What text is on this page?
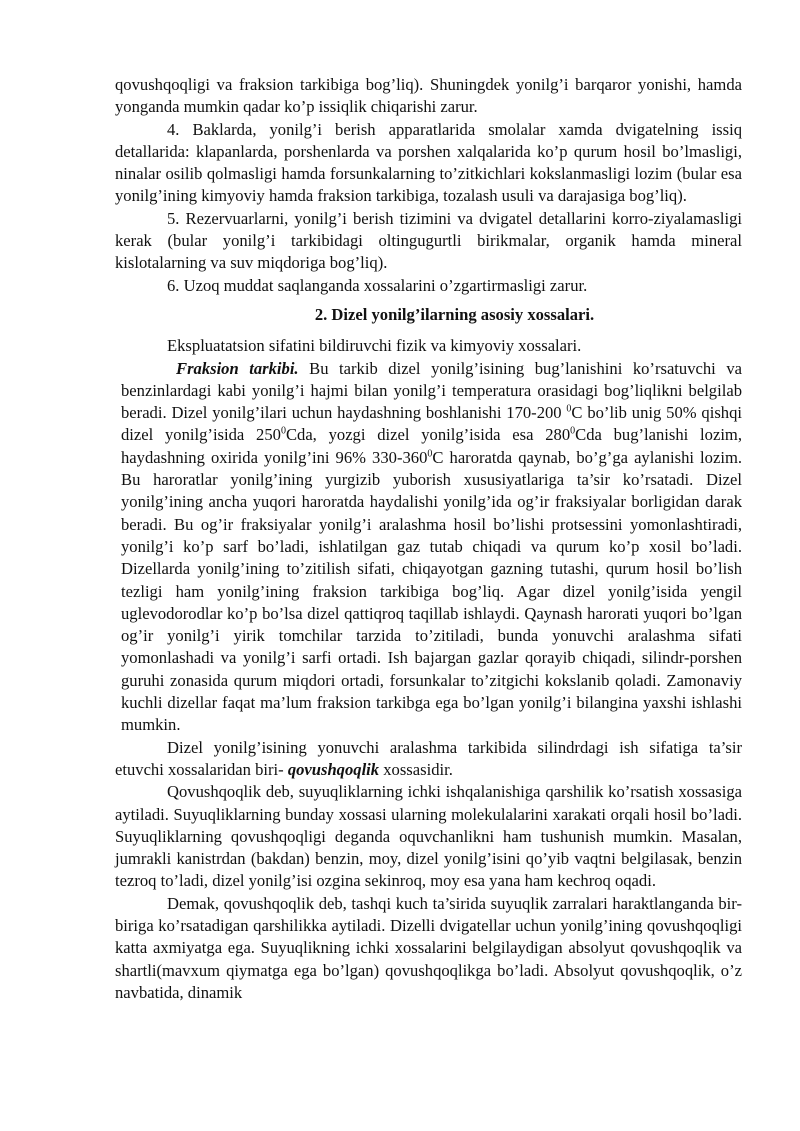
qovushqoqligi va fraksion tarkibiga bog’liq). Shuningdek yonilg’i barqaror yonishi, hamda yonganda mumkin qadar ko’p issiqlik chiqarishi zarur.

4. Baklarda, yonilg’i berish apparatlarida smolalar xamda dvigatelning issiq detallarida: klapanlarda, porshenlarda va porshen xalqalarida ko’p qurum hosil bo’lmasligi, ninalar osilib qolmasligi hamda forsunkalarning to’zitkichlari kokslanmasligi lozim (bular esa yonilg’ining kimyoviy hamda fraksion tarkibiga, tozalash usuli va darajasiga bog’liq).

5. Rezervuarlarni, yonilg’i berish tizimini va dvigatel detallarini korro-ziyalamasligi kerak (bular yonilg’i tarkibidagi oltingugurtli birikmalar, organik hamda mineral kislotalarning va suv miqdoriga bog’liq).

6. Uzoq muddat saqlanganda xossalarini o’zgartirmasligi zarur.

2. Dizel yonilg’ilarning asosiy xossalari.

Ekspluatatsion sifatini bildiruvchi fizik va kimyoviy xossalari.

Fraksion tarkibi. Bu tarkib dizel yonilg’isining bug’lanishini ko’rsatuvchi va benzinlardagi kabi yonilg’i hajmi bilan yonilg’i temperatura orasidagi bog’liqlikni belgilab beradi. Dizel yonilg’ilari uchun haydashning boshlanishi 170-200 $^0$C bo’lib unig 50% qishqi dizel yonilg’isida $250^0Cda$, yozgi dizel yonilg’isida esa $280^0Cda$ bug’lanishi lozim, haydashning oxirida yonilg’ini 96% $330-360^0C$ haroratda qaynab, bo’g’ga aylanishi lozim. Bu haroratlar yonilg’ining yurgizib yuborish xususiyatlariga ta’sir ko’rsatadi. Dizel yonilg’ining ancha yuqori haroratda haydalishi yonilg’ida og’ir fraksiyalar borligidan darak beradi. Bu og’ir fraksiyalar yonilg’i aralashma hosil bo’lishi protsessini yomonlashtiradi, yonilg’i ko’p sarf bo’ladi, ishlatilgan gaz tutab chiqadi va qurum ko’p xosil bo’ladi. Dizellarda yonilg’ining to’zitilish sifati, chiqayotgan gazning tutashi, qurum hosil bo’lish tezligi ham yonilg’ining fraksion tarkibiga bog’liq. Agar dizel yonilg’isida yengil uglevodorodlar ko’p bo’lsa dizel qattiqroq taqillab ishlaydi. Qaynash harorati yuqori bo’lgan og’ir yonilg’i yirik tomchilar tarzida to’zitiladi, bunda yonuvchi aralashma sifati yomonlashadi va yonilg’i sarfi ortadi. Ish bajargan gazlar qorayib chiqadi, silindr-porshen guruhi zonasida qurum miqdori ortadi, forsunkalar to’zitgichi kokslanib qoladi. Zamonaviy kuchli dizellar faqat ma’lum fraksion tarkibga ega bo’lgan yonilg’i bilangina yaxshi ishlashi mumkin.

Dizel yonilg’isining yonuvchi aralashma tarkibida silindrdagi ish sifatiga ta’sir etuvchi xossalaridan biri- qovushqoqlik xossasidir.

Qovushqoqlik deb, suyuqliklarning ichki ishqalanishiga qarshilik ko’rsatish xossasiga aytiladi. Suyuqliklarning bunday xossasi ularning molekulalarini xarakati orqali hosil bo’ladi. Suyuqliklarning qovushqoqligi deganda oquvchanlikni ham tushunish mumkin. Masalan, jumrakli kanistrdan (bakdan) benzin, moy, dizel yonilg’isini qo’yib vaqtni belgilasak, benzin tezroq to’ladi, dizel yonilg’isi ozgina sekinroq, moy esa yana ham kechroq oqadi.

Demak, qovushqoqlik deb, tashqi kuch ta’sirida suyuqlik zarralari haraktlanganda bir-biriga ko’rsatadigan qarshilikka aytiladi. Dizelli dvigatellar uchun yonilg’ining qovushqoqligi katta axmiyatga ega. Suyuqlikning ichki xossalarini belgilaydigan absolyut qovushqoqlik va shartli(mavxum qiymatga ega bo’lgan) qovushqoqlikga bo’ladi. Absolyut qovushqoqlik, o’z navbatida, dinamik
